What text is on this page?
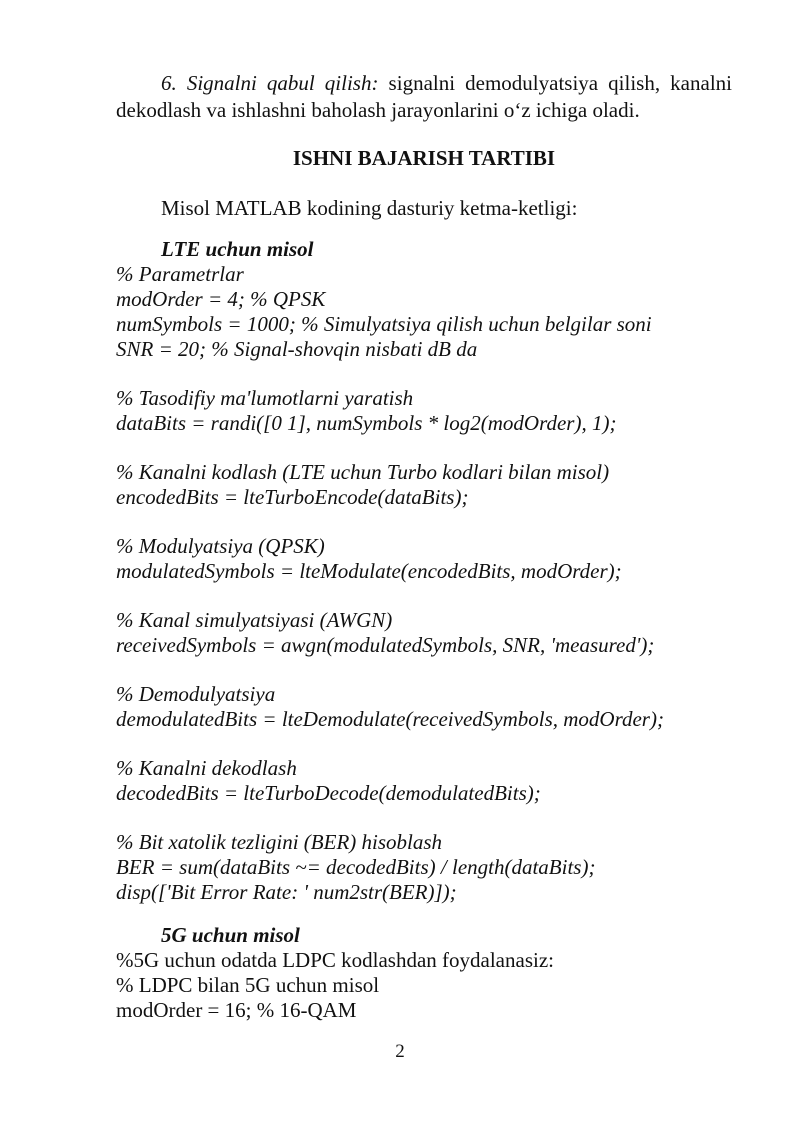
6. Signalni qabul qilish: signalni demodulyatsiya qilish, kanalni dekodlash va ishlashni baholash jarayonlarini o‘z ichiga oladi.
ISHNI BAJARISH TARTIBI
Misol MATLAB kodining dasturiy ketma-ketligi:
LTE uchun misol
% Parametrlar
modOrder = 4; % QPSK
numSymbols = 1000; % Simulyatsiya qilish uchun belgilar soni
SNR = 20; % Signal-shovqin nisbati dB da
% Tasodifiy ma'lumotlarni yaratish
dataBits = randi([0 1], numSymbols * log2(modOrder), 1);
% Kanalni kodlash (LTE uchun Turbo kodlari bilan misol)
encodedBits = lteTurboEncode(dataBits);
% Modulyatsiya (QPSK)
modulatedSymbols = lteModulate(encodedBits, modOrder);
% Kanal simulyatsiyasi (AWGN)
receivedSymbols = awgn(modulatedSymbols, SNR, 'measured');
% Demodulyatsiya
demodulatedBits = lteDemodulate(receivedSymbols, modOrder);
% Kanalni dekodlash
decodedBits = lteTurboDecode(demodulatedBits);
% Bit xatolik tezligini (BER) hisoblash
BER = sum(dataBits ~= decodedBits) / length(dataBits);
disp(['Bit Error Rate: ' num2str(BER)]);
5G uchun misol
%5G uchun odatda LDPC kodlashdan foydalanasiz:
% LDPC bilan 5G uchun misol
modOrder = 16; % 16-QAM
2
